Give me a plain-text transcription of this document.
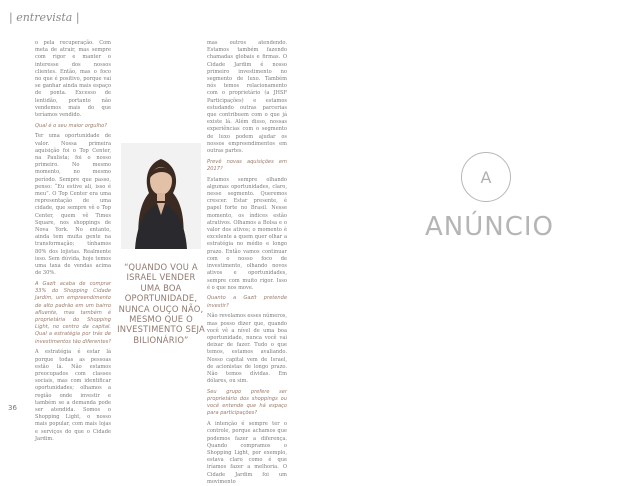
| entrevista |

o pela recuperação. Com meta de atrair, mas sempre com rigor e manter o interesse dos nossos clientes. Então, mas o foco no que é positivo, porque vai se ganhar ainda mais espaço de ponta. Excesso de lentidão, portanto não vendemos mais do que teríamos vendido.

Qual é o seu maior orgulho?

Ter uma oportunidade de valor. Nossa primeira aquisição foi o Top Center, na Paulista; foi o nosso primeiro. No mesmo momento, no mesmo período. Sempre que passo, penso: “Eu estive ali, isso é meu”. O Top Center era uma representação de uma cidade, que sempre vê o Top Center, quem vê Times Square, nos shoppings de Nova York. No entanto, ainda tem muita gente na transformação; tínhamos 80% dos lojistas. Realmente isso. Sem dúvida, hoje temos uma taxa de vendas acima de 30%.

A Gazit acaba de comprar 33% do Shopping Cidade Jardim, um empreendimento de alto padrão em um bairro afluente, mas também é proprietária do Shopping Light, no centro da capital. Qual a estratégia por trás de investimentos tão diferentes?

A estratégia é estar lá porque todas as pessoas estão lá. Não estamos preocupados com classes sociais, mas com identificar oportunidades; olhamos a região onde investir e também se a demanda pode ser atendida. Somos o Shopping Light, o nosso mais popular, com mais lojas e serviços do que o Cidade Jardim.

“QUANDO VOU A ISRAEL VENDER UMA BOA OPORTUNIDADE, NUNCA OUÇO NÃO, MESMO QUE O INVESTIMENTO SEJA BILIONÁRIO”

mas outros atendendo. Estamos também fazendo chamadas globais e firmas. O Cidade Jardim é nosso primeiro investimento no segmento de luxo. Também nós temos relacionamento com o proprietário (a JHSF Participações) e estamos estudando outras parcerias que contribuem com o que já existe lá. Além disso, nossas experiências com o segmento de luxo podem ajudar os nossos empreendimentos em outras partes.

Prevê novas aquisições em 2017?

Estamos sempre olhando algumas oportunidades, claro, nesse segmento. Queremos crescer. Estar presente, é papel forte no Brasil. Nesse momento, os índices estão atrativos. Olhamos a Bolsa e o valor dos ativos; o momento é excelente a quem quer olhar a estratégia no médio e longo prazo. Então vamos continuar com o nosso foco de investimento, olhando novos ativos e oportunidades, sempre com muito rigor. Isso é o que nos move.

Quanto a Gazit pretende investir?

Não revelamos esses números, mas posso dizer que, quando você vê a nível de uma boa oportunidade, nunca você vai deixar de fazer. Tudo o que temos, estamos avaliando. Nosso capital vem de Israel, de acionistas de longo prazo. Não temos dívidas. Em dólares, ou sim.

Seu grupo prefere ser proprietário dos shoppings ou você entende que há espaço para participações?

A intenção é sempre ter o controle, porque achamos que podemos fazer a diferença. Quando compramos o Shopping Light, por exemplo, estava claro como é que iríamos fazer a melhoria. O Cidade Jardim foi um movimento

36
A
ANÚNCIO
